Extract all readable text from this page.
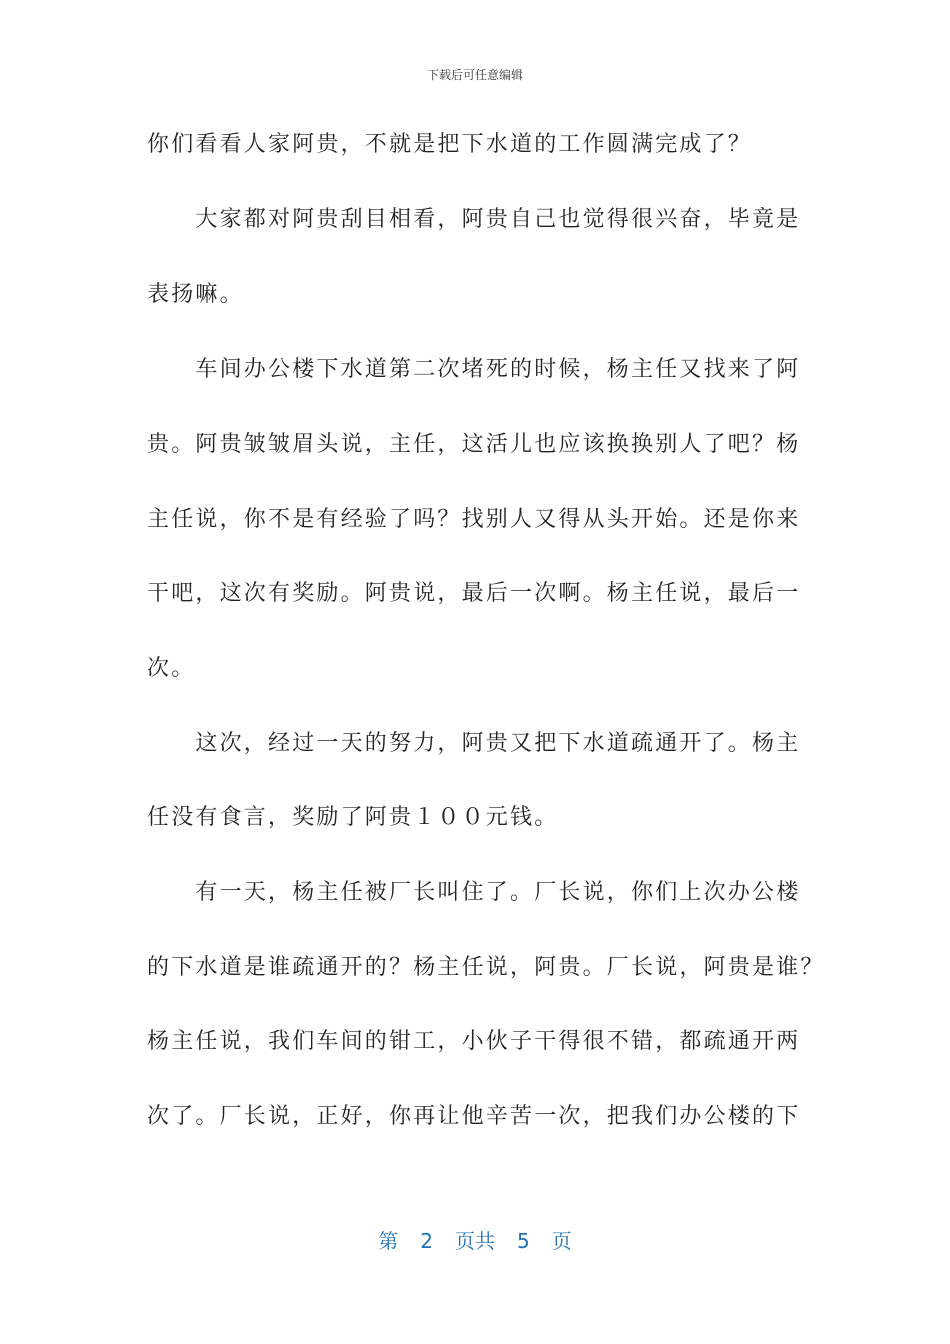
下载后可任意编辑
你们看看人家阿贵，不就是把下水道的工作圆满完成了？
　　大家都对阿贵刮目相看，阿贵自己也觉得很兴奋，毕竟是
表扬嘛。
　　车间办公楼下水道第二次堵死的时候，杨主任又找来了阿
贵。阿贵皱皱眉头说，主任，这活儿也应该换换别人了吧？杨
主任说，你不是有经验了吗？找别人又得从头开始。还是你来
干吧，这次有奖励。阿贵说，最后一次啊。杨主任说，最后一
次。
　　这次，经过一天的努力，阿贵又把下水道疏通开了。杨主
任没有食言，奖励了阿贵１００元钱。
　　有一天，杨主任被厂长叫住了。厂长说，你们上次办公楼
的下水道是谁疏通开的？杨主任说，阿贵。厂长说，阿贵是谁？
杨主任说，我们车间的钳工，小伙子干得很不错，都疏通开两
次了。厂长说，正好，你再让他辛苦一次，把我们办公楼的下
第 2 页共 5 页
